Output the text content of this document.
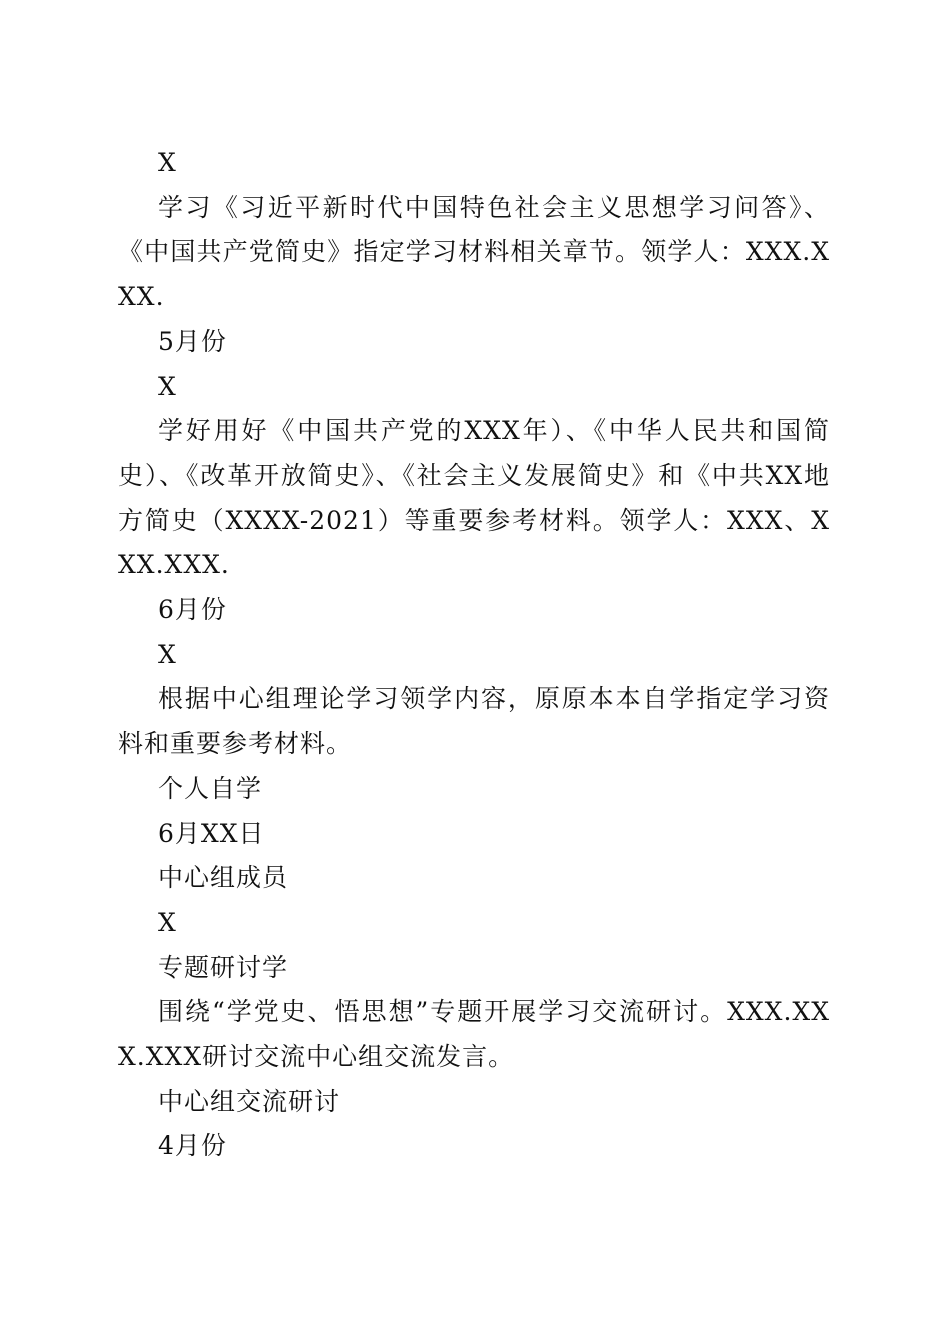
X

学习《习近平新时代中国特色社会主义思想学习问答》、《中国共产党简史》指定学习材料相关章节。领学人：XXX.XXX.

5月份

X

学好用好《中国共产党的XXX年）、《中华人民共和国简史）、《改革开放简史》、《社会主义发展简史》和《中共XX地方简史（XXXX-2021）等重要参考材料。领学人：XXX、XXX.XXX.

6月份

X

根据中心组理论学习领学内容，原原本本自学指定学习资料和重要参考材料。

个人自学

6月XX日

中心组成员

X

专题研讨学

围绕“学党史、悟思想”专题开展学习交流研讨。XXX.XXX.XXX研讨交流中心组交流发言。

中心组交流研讨

4月份
